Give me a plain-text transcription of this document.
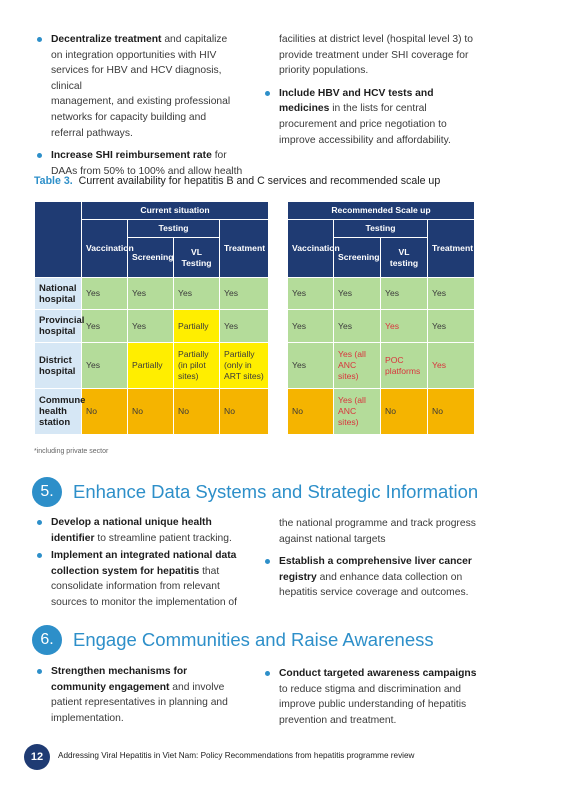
Decentralize treatment and capitalize
on integration opportunities with HIV
services for HBV and HCV diagnosis, clinical
management, and existing professional
networks for capacity building and
referral pathways.
Increase SHI reimbursement rate for
DAAs from 50% to 100% and allow health
facilities at district level (hospital level 3) to
provide treatment under SHI coverage for
priority populations.
Include HBV and HCV tests and
medicines in the lists for central
procurement and price negotiation to
improve accessibility and affordability.
Table 3. Current availability for hepatitis B and C services and recommended scale up
	Current situation			
	Vaccination	Testing		Treatment
		Screening	VL Testing	
National hospital	Yes	Yes	Yes	Yes
Provincial hospital	Yes	Yes	Partially	Yes
District hospital	Yes	Partially	Partially (in pilot sites)	Partially (only in ART sites)
Commune health station	No	No	No	No
Recommended Scale up			
Vaccination	Testing		Treatment
	Screening	VL testing	
Yes	Yes	Yes	Yes
Yes	Yes	Yes	Yes
Yes	Yes (all ANC sites)	POC platforms	Yes
No	Yes (all ANC sites)	No	No
*including private sector
5.	Enhance Data Systems and Strategic Information
Develop a national unique health
identifier to streamline patient tracking.
Implement an integrated national data
collection system for hepatitis that
consolidate information from relevant
sources to monitor the implementation of
the national programme and track progress
against national targets
Establish a comprehensive liver cancer
registry and enhance data collection on
hepatitis service coverage and outcomes.
6.	Engage Communities and Raise Awareness
Strengthen mechanisms for
community engagement and involve
patient representatives in planning and
implementation.
Conduct targeted awareness campaigns
to reduce stigma and discrimination and
improve public understanding of hepatitis
prevention and treatment.
12	Addressing Viral Hepatitis in Viet Nam: Policy Recommendations from hepatitis programme review
